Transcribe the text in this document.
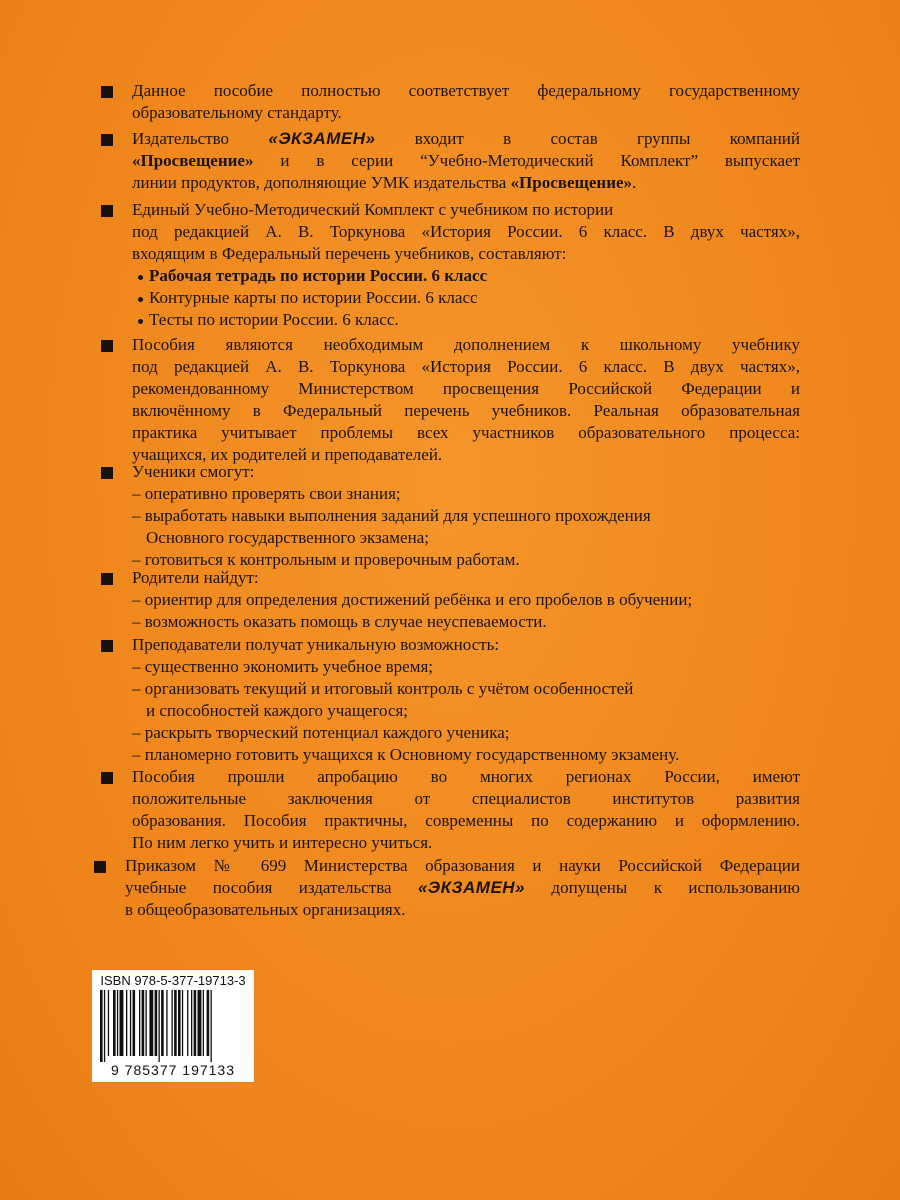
Данное пособие полностью соответствует федеральному государственному
образовательному стандарту.
Издательство «ЭКЗАМЕН» входит в состав группы компаний
«Просвещение» и в серии “Учебно-Методический Комплект” выпускает
линии продуктов, дополняющие УМК издательства «Просвещение».
Единый Учебно-Методический Комплект с учебником по истории
под редакцией А. В. Торкунова «История России. 6 класс. В двух частях»,
входящим в Федеральный перечень учебников, составляют:
Рабочая тетрадь по истории России. 6 класс
Контурные карты по истории России. 6 класс
Тесты по истории России. 6 класс.
Пособия являются необходимым дополнением к школьному учебнику
под редакцией А. В. Торкунова «История России. 6 класс. В двух частях»,
рекомендованному Министерством просвещения Российской Федерации и
включённому в Федеральный перечень учебников. Реальная образовательная
практика учитывает проблемы всех участников образовательного процесса:
учащихся, их родителей и преподавателей.
Ученики смогут:
– оперативно проверять свои знания;
– выработать навыки выполнения заданий для успешного прохождения
Основного государственного экзамена;
– готовиться к контрольным и проверочным работам.
Родители найдут:
– ориентир для определения достижений ребёнка и его пробелов в обучении;
– возможность оказать помощь в случае неуспеваемости.
Преподаватели получат уникальную возможность:
– существенно экономить учебное время;
– организовать текущий и итоговый контроль с учётом особенностей
и способностей каждого учащегося;
– раскрыть творческий потенциал каждого ученика;
– планомерно готовить учащихся к Основному государственному экзамену.
Пособия прошли апробацию во многих регионах России, имеют
положительные заключения от специалистов институтов развития
образования. Пособия практичны, современны по содержанию и оформлению.
По ним легко учить и интересно учиться.
Приказом № 699 Министерства образования и науки Российской Федерации
учебные пособия издательства «ЭКЗАМЕН» допущены к использованию
в общеобразовательных организациях.
ISBN 978-5-377-19713-3
9 785377 197133
